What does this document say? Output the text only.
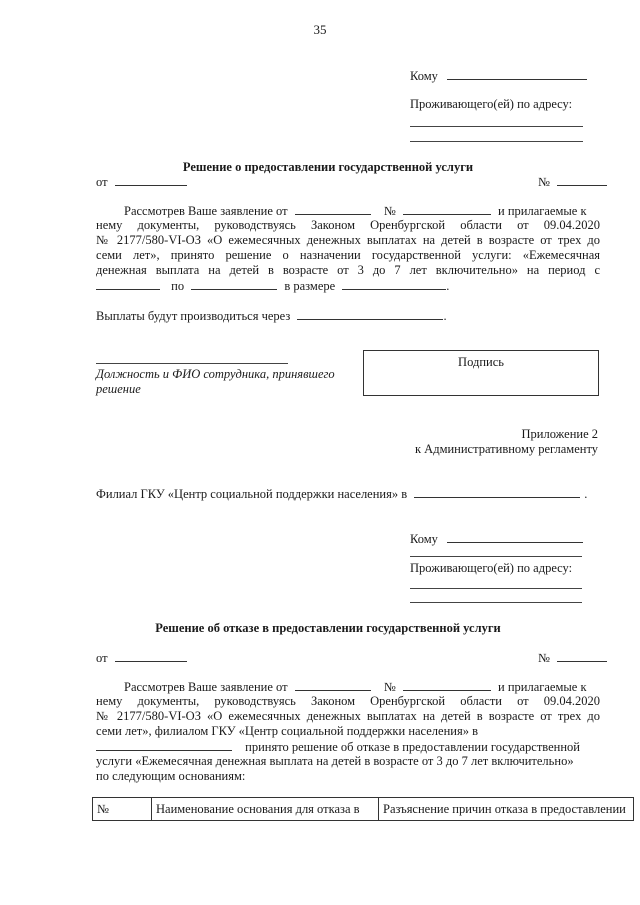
35
Кому
Проживающего(ей) по адресу:
Решение о предоставлении государственной услуги
от	№
Рассмотрев Ваше заявление от	№	и прилагаемые к
нему документы, руководствуясь Законом Оренбургской области от 09.04.2020
№ 2177/580-VI-ОЗ «О ежемесячных денежных выплатах на детей в возрасте от трех до
семи лет», принято решение о назначении государственной услуги: «Ежемесячная
денежная выплата на детей в возрасте от 3 до 7 лет включительно» на период с
по	в размере	.
Выплаты будут производиться через	.
Должность и ФИО сотрудника, принявшего
решение
Подпись
Приложение 2
к Административному регламенту
Филиал ГКУ «Центр социальной поддержки населения» в	.
Кому
Проживающего(ей) по адресу:
Решение об отказе в предоставлении государственной услуги
от	№
Рассмотрев Ваше заявление от	№	и прилагаемые к
нему документы, руководствуясь Законом Оренбургской области от 09.04.2020
№ 2177/580-VI-ОЗ «О ежемесячных денежных выплатах на детей в возрасте от трех до
семи лет», филиалом ГКУ «Центр социальной поддержки населения» в
принято решение об отказе в предоставлении государственной
услуги «Ежемесячная денежная выплата на детей в возрасте от 3 до 7 лет включительно»
по следующим основаниям:
№	Наименование основания для отказа в	Разъяснение причин отказа в предоставлении
